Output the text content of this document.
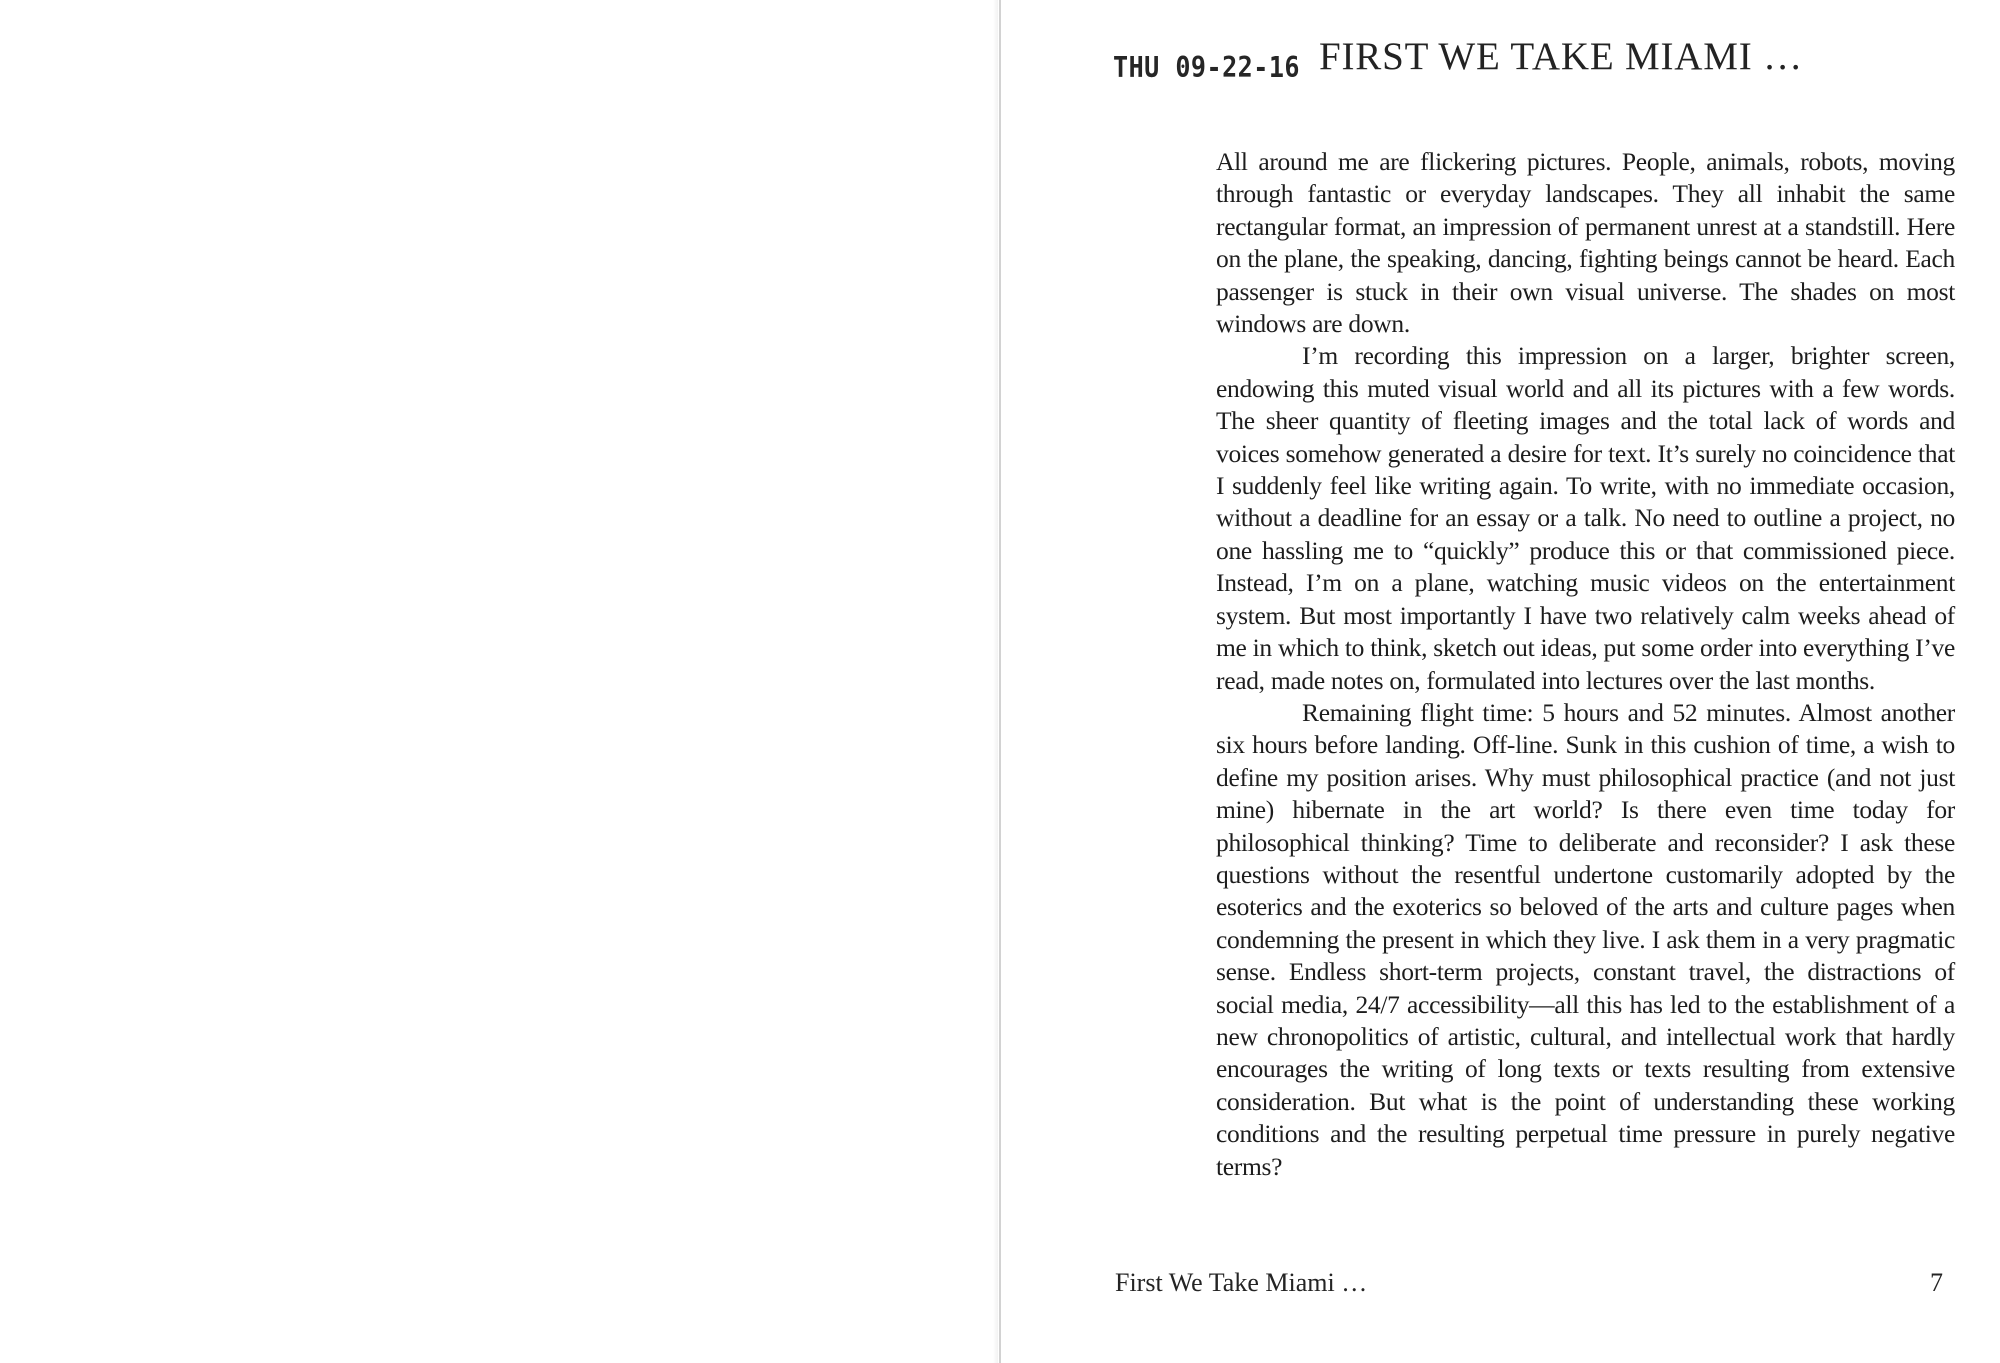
THU 09-22-16 FIRST WE TAKE MIAMI …

All around me are flickering pictures. People, animals, robots, moving through fantastic or everyday landscapes. They all inhabit the same rectangular format, an impression of permanent unrest at a standstill. Here on the plane, the speaking, dancing, fighting beings cannot be heard. Each passenger is stuck in their own visual universe. The shades on most windows are down.

I’m recording this impression on a larger, brighter screen, endowing this muted visual world and all its pictures with a few words. The sheer quantity of fleeting images and the total lack of words and voices somehow generated a desire for text. It’s surely no coincidence that I suddenly feel like writing again. To write, with no immediate occasion, without a deadline for an essay or a talk. No need to outline a project, no one hassling me to “quickly” produce this or that commissioned piece. Instead, I’m on a plane, watching music videos on the entertainment system. But most importantly I have two relatively calm weeks ahead of me in which to think, sketch out ideas, put some order into everything I’ve read, made notes on, formulated into lectures over the last months.

Remaining flight time: 5 hours and 52 minutes. Almost another six hours before landing. Off-line. Sunk in this cushion of time, a wish to define my position arises. Why must philosophical practice (and not just mine) hibernate in the art world? Is there even time today for philosophical thinking? Time to deliberate and reconsider? I ask these questions without the resentful undertone customarily adopted by the esoterics and the exoterics so beloved of the arts and culture pages when condemning the present in which they live. I ask them in a very pragmatic sense. Endless short-term projects, constant travel, the distractions of social media, 24/7 accessibility—all this has led to the establishment of a new chronopolitics of artistic, cultural, and intellectual work that hardly encourages the writing of long texts or texts resulting from extensive consideration. But what is the point of understanding these working conditions and the resulting perpetual time pressure in purely negative terms?

First We Take Miami …	7
